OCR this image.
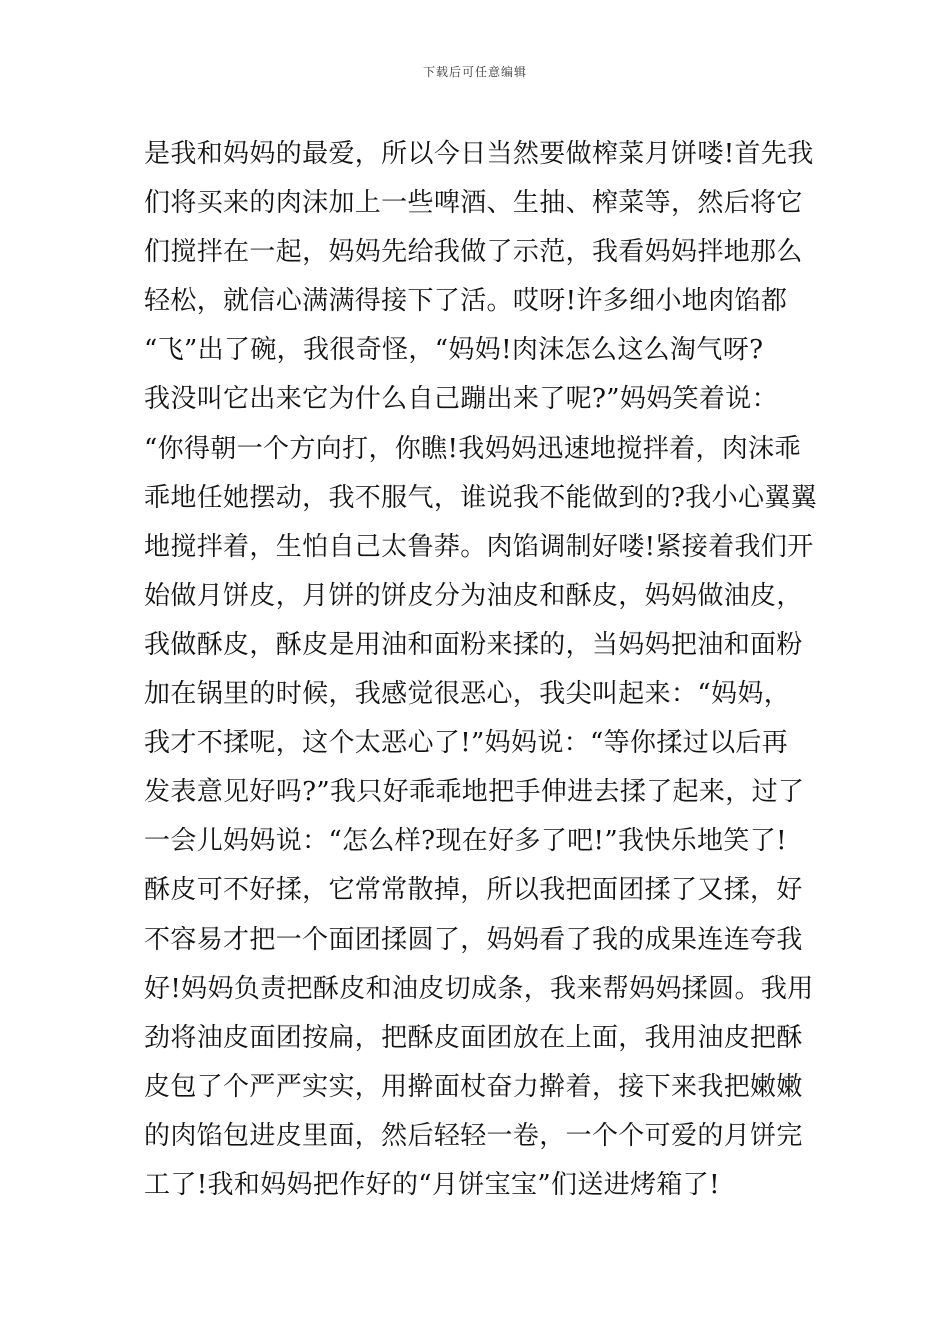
下载后可任意编辑
是我和妈妈的最爱，所以今日当然要做榨菜月饼喽!首先我
们将买来的肉沫加上一些啤酒、生抽、榨菜等，然后将它
们搅拌在一起，妈妈先给我做了示范，我看妈妈拌地那么
轻松，就信心满满得接下了活。哎呀!许多细小地肉馅都
“飞”出了碗，我很奇怪，“妈妈!肉沫怎么这么淘气呀?
我没叫它出来它为什么自己蹦出来了呢?”妈妈笑着说：
“你得朝一个方向打，你瞧!我妈妈迅速地搅拌着，肉沫乖
乖地任她摆动，我不服气，谁说我不能做到的?我小心翼翼
地搅拌着，生怕自己太鲁莽。肉馅调制好喽!紧接着我们开
始做月饼皮，月饼的饼皮分为油皮和酥皮，妈妈做油皮，
我做酥皮，酥皮是用油和面粉来揉的，当妈妈把油和面粉
加在锅里的时候，我感觉很恶心，我尖叫起来：“妈妈，
我才不揉呢，这个太恶心了!”妈妈说：“等你揉过以后再
发表意见好吗?”我只好乖乖地把手伸进去揉了起来，过了
一会儿妈妈说：“怎么样?现在好多了吧!”我快乐地笑了!
酥皮可不好揉，它常常散掉，所以我把面团揉了又揉，好
不容易才把一个面团揉圆了，妈妈看了我的成果连连夸我
好!妈妈负责把酥皮和油皮切成条，我来帮妈妈揉圆。我用
劲将油皮面团按扁，把酥皮面团放在上面，我用油皮把酥
皮包了个严严实实，用擀面杖奋力擀着，接下来我把嫩嫩
的肉馅包进皮里面，然后轻轻一卷，一个个可爱的月饼完
工了!我和妈妈把作好的“月饼宝宝”们送进烤箱了!
